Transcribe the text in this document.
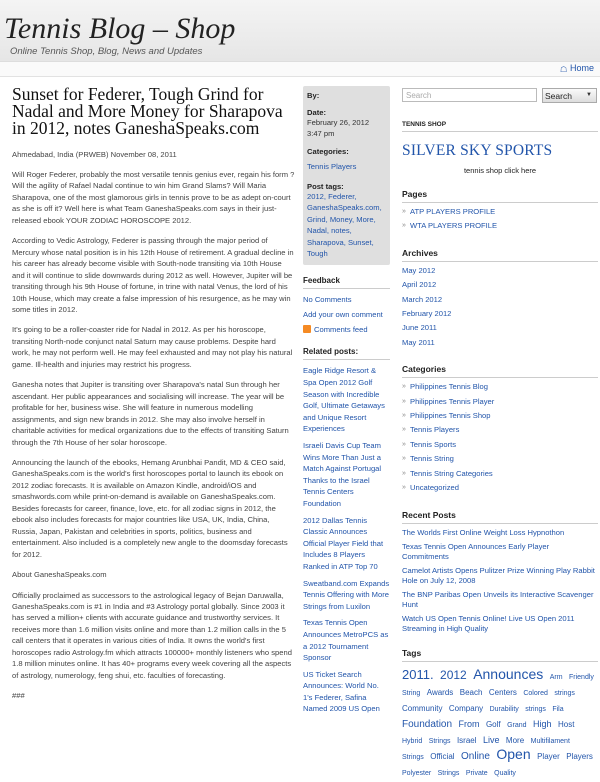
Tennis Blog – Shop
Online Tennis Shop, Blog, News and Updates
☖ Home
Sunset for Federer, Tough Grind for Nadal and More Money for Sharapova in 2012, notes GaneshaSpeaks.com
Ahmedabad, India (PRWEB) November 08, 2011

Will Roger Federer, probably the most versatile tennis genius ever, regain his form ? Will the agility of Rafael Nadal continue to win him Grand Slams? Will Maria Sharapova, one of the most glamorous girls in tennis prove to be as adept on-court as she is off it? Well here is what Team GaneshaSpeaks.com says in their just-released ebook YOUR ZODIAC HOROSCOPE 2012.

According to Vedic Astrology, Federer is passing through the major period of Mercury whose natal position is in his 12th House of retirement. A gradual decline in his career has already become visible with South-node transiting via 10th House and it will continue to slide downwards during 2012 as well. However, Jupiter will be transiting through his 9th House of fortune, in trine with natal Venus, the lord of his 10th House, which may create a false impression of his resurgence, as he may win some titles in 2012.

It's going to be a roller-coaster ride for Nadal in 2012. As per his horoscope, transiting North-node conjunct natal Saturn may cause problems. Despite hard work, he may not perform well. He may feel exhausted and may not play his natural game. Ill-health and injuries may restrict his progress.

Ganesha notes that Jupiter is transiting over Sharapova's natal Sun through her ascendant. Her public appearances and socialising will increase. The year will be profitable for her, business wise. She will feature in numerous modelling assignments, and sign new brands in 2012. She may also involve herself in charitable activities for medical organizations due to the effects of transiting Saturn through the 7th House of her solar horoscope.

Announcing the launch of the ebooks, Hemang Arunbhai Pandit, MD & CEO said, GaneshaSpeaks.com is the world's first horoscopes portal to launch its ebook on 2012 zodiac forecasts. It is available on Amazon Kindle, android/iOS and smashwords.com while print-on-demand is available on GaneshaSpeaks.com. Besides forecasts for career, finance, love, etc. for all zodiac signs in 2012, the ebook also includes forecasts for major countries like USA, UK, India, China, Russia, Japan, Pakistan and celebrities in sports, politics, business and entertainment. Also included is a completely new angle to the doomsday forecasts for 2012.

About GaneshaSpeaks.com

Officially proclaimed as successors to the astrological legacy of Bejan Daruwalla, GaneshaSpeaks.com is #1 in India and #3 Astrology portal globally. Since 2003 it has served a million+ clients with accurate guidance and trustworthy services. It receives more than 1.6 million visits online and more than 1.2 million calls in the 5 call centers that it operates in various cities of India. It owns the world's first horoscopes radio Astrology.fm which attracts 100000+ monthly listeners who spend 1.8 million minutes online. It has 40+ programs every week covering all the aspects of astrology, numerology, feng shui, etc. faculties of forecasting.

###

By:
Date:
February 26, 2012
3:47 pm
Categories:
Tennis Players
Post tags:
2012, Federer, GaneshaSpeaks.com, Grind, Money, More, Nadal, notes, Sharapova, Sunset, Tough
Feedback
No Comments
Add your own comment
Comments feed
Related posts:
Eagle Ridge Resort & Spa Open 2012 Golf Season with Incredible Golf, Ultimate Getaways and Unique Resort Experiences
Israeli Davis Cup Team Wins More Than Just a Match Against Portugal Thanks to the Israel Tennis Centers Foundation
2012 Dallas Tennis Classic Announces Official Player Field that Includes 8 Players Ranked in ATP Top 70
Sweatband.com Expands Tennis Offering with More Strings from Luxilon
Texas Tennis Open Announces MetroPCS as a 2012 Tournament Sponsor
US Ticket Search Announces: World No. 1's Federer, Safina Named 2009 US Open
Search
Search ▼
TENNIS SHOP
SILVER SKY SPORTS
tennis shop click here
Pages
» ATP PLAYERS PROFILE
» WTA PLAYERS PROFILE
Archives
May 2012
April 2012
March 2012
February 2012
June 2011
May 2011
Categories
» Philippines Tennis Blog
» Philippines Tennis Player
» Philippines Tennis Shop
» Tennis Players
» Tennis Sports
» Tennis String
» Tennis String Categories
» Uncategorized
Recent Posts
The Worlds First Online Weight Loss Hypnothon
Texas Tennis Open Announces Early Player Commitments
Camelot Artists Opens Pulitzer Prize Winning Play Rabbit Hole on July 12, 2008
The BNP Paribas Open Unveils its Interactive Scavenger Hunt
Watch US Open Tennis Online! Live US Open 2011 Streaming in High Quality
Tags
2011. 2012 Announces Arm Friendly String Awards Beach Centers Colored strings Community Company Durability strings Fila Foundation From Golf Grand High Host Hybrid Strings Israel Live More Multifilament Strings Official Online Open Player Players Polyester Strings Private Quality
